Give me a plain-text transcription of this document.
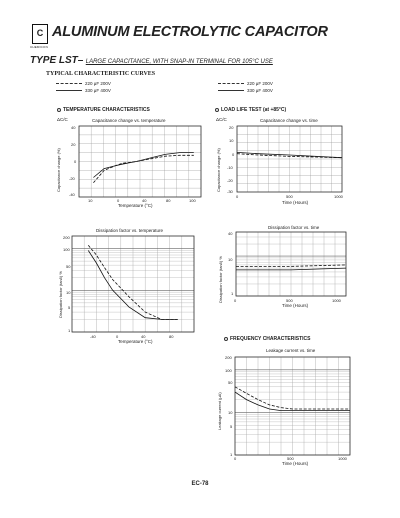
C
CHEMICON
ALUMINUM ELECTROLYTIC CAPACITOR
TYPE LST– LARGE CAPACITANCE, WITH SNAP-IN TERMINAL FOR 105°C USE
TYPICAL CHARACTERISTIC CURVES
220 μF 200V
330 μF 400V
220 μF 200V
330 μF 400V
TEMPERATURE CHARACTERISTICS	LOAD LIFE TEST (at +85°C)
FREQUENCY CHARACTERISTICS
ΔC/C	Capacitance change vs. temperature
Capacitance change (%)
40
20
0
-20
-40
10	0	40	80	100
Temperature (°C)
ΔC/C	Capacitance change vs. time
Capacitance change (%)
20
10
0
-10
-20
-30
0	500	1000
Time (Hours)
Dissipation factor vs. temperature
Dissipation factor (tanδ) %
200
100
50
10
5
1
-40	0	40	80
Temperature (°C)
Dissipation factor vs. time
Dissipation factor (tanδ) %
40
10
1
0	500	1000
Time (Hours)
Leakage current vs. time
Leakage current (μA)
200
100
50
10
5
1
0	500	1000
Time (Hours)
EC-78
